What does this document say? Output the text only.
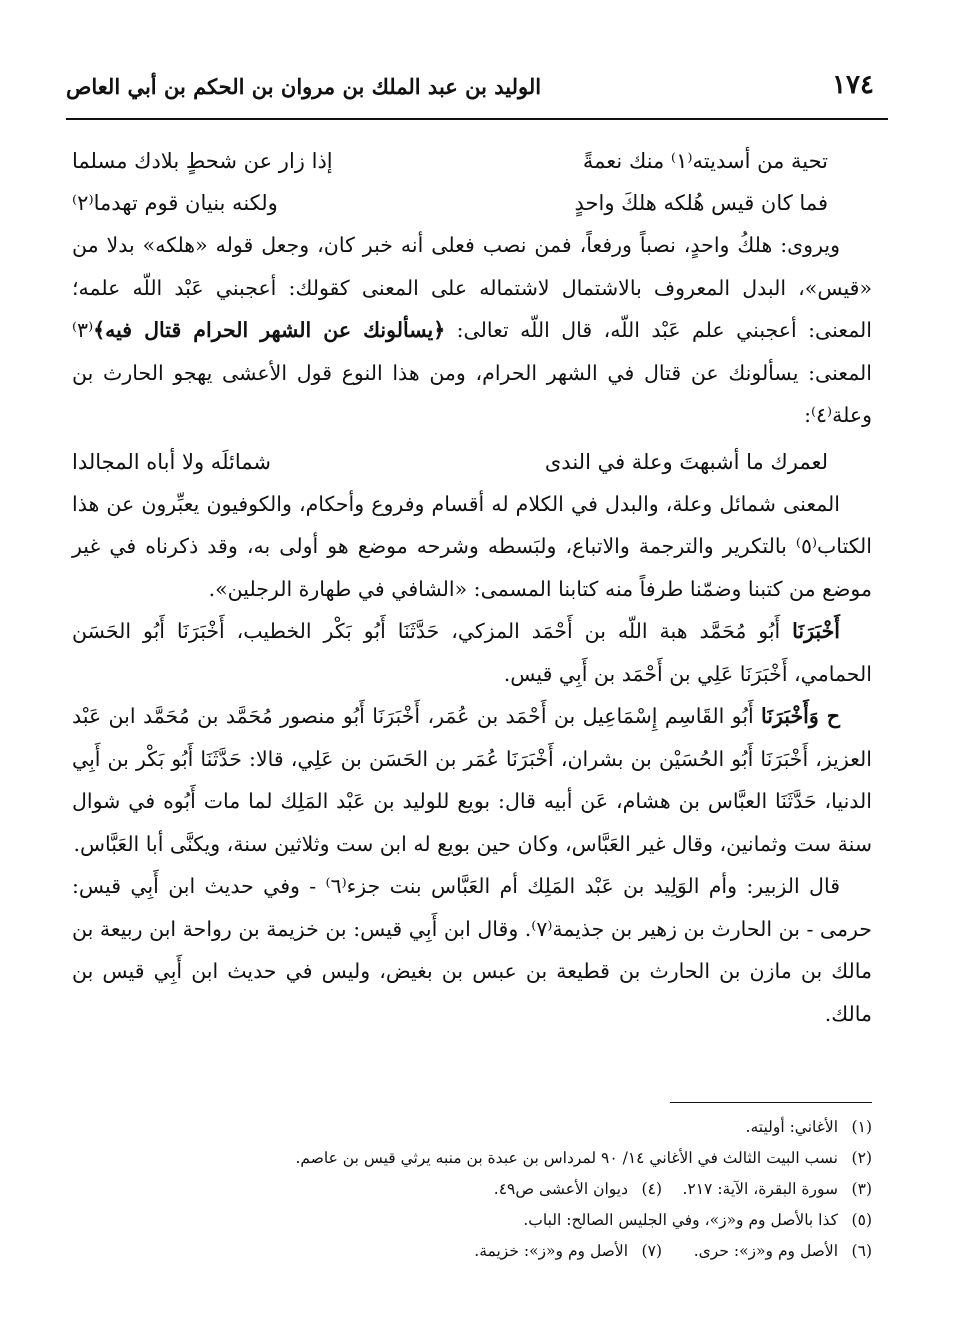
١٧٤
الوليد بن عبد الملك بن مروان بن الحكم بن أبي العاص
تحية من أسديته⁽١⁾ منك نعمةً
إذا زار عن شحطٍ بلادك مسلما
فما كان قيس هُلكه هلكَ واحدٍ
ولكنه بنيان قوم تهدما⁽٢⁾

ويروى: هلكُ واحدٍ، نصباً ورفعاً، فمن نصب فعلى أنه خبر كان، وجعل قوله «هلكه» بدلا من «قيس»، البدل المعروف بالاشتمال لاشتماله على المعنى كقولك: أعجبني عَبْد اللّه علمه؛ المعنى: أعجبني علم عَبْد اللّه، قال اللّه تعالى: ﴿يسألونك عن الشهر الحرام قتال فيه﴾⁽٣⁾ المعنى: يسألونك عن قتال في الشهر الحرام، ومن هذا النوع قول الأعشى يهجو الحارث بن وعلة⁽٤⁾:

لعمرك ما أشبهتَ وعلة في الندى
شمائلَه ولا أباه المجالدا

المعنى شمائل وعلة، والبدل في الكلام له أقسام وفروع وأحكام، والكوفيون يعبِّرون عن هذا الكتاب⁽٥⁾ بالتكرير والترجمة والاتباع، ولبَسطه وشرحه موضع هو أولى به، وقد ذكرناه في غير موضع من كتبنا وضمّنا طرفاً منه كتابنا المسمى: «الشافي في طهارة الرجلين».

أَخْبَرَنَا أَبُو مُحَمَّد هبة اللّه بن أَحْمَد المزكي، حَدَّثَنَا أَبُو بَكْر الخطيب، أَخْبَرَنَا أَبُو الحَسَن الحمامي، أَخْبَرَنَا عَلِي بن أَحْمَد بن أَبِي قيس.

ح وَأَخْبَرَنَا أَبُو القَاسِم إِسْمَاعِيل بن أَحْمَد بن عُمَر، أَخْبَرَنَا أَبُو منصور مُحَمَّد بن مُحَمَّد ابن عَبْد العزيز، أَخْبَرَنَا أَبُو الحُسَيْن بن بشران، أَخْبَرَنَا عُمَر بن الحَسَن بن عَلِي، قالا: حَدَّثَنَا أَبُو بَكْر بن أَبِي الدنيا، حَدَّثَنَا العبَّاس بن هشام، عَن أبيه قال: بويع للوليد بن عَبْد المَلِك لما مات أَبُوه في شوال سنة ست وثمانين، وقال غير العَبَّاس، وكان حين بويع له ابن ست وثلاثين سنة، ويكنَّى أبا العَبَّاس.

قال الزبير: وأم الوَلِيد بن عَبْد المَلِك أم العَبَّاس بنت جزء⁽٦⁾ - وفي حديث ابن أَبِي قيس: حرمى - بن الحارث بن زهير بن جذيمة⁽٧⁾. وقال ابن أَبِي قيس: بن خزيمة بن رواحة ابن ربيعة بن مالك بن مازن بن الحارث بن قطيعة بن عبس بن بغيض، وليس في حديث ابن أَبِي قيس بن مالك.

(١)الأغاني: أوليته.
(٢)نسب البيت الثالث في الأغاني ١٤/ ٩٠ لمرداس بن عبدة بن منبه يرثي قيس بن عاصم.
(٣)سورة البقرة، الآية: ٢١٧.
(٤)ديوان الأعشى ص٤٩.
(٥)كذا بالأصل وم و«ز»، وفي الجليس الصالح: الباب.
(٦)الأصل وم و«ز»: حرى.
(٧)الأصل وم و«ز»: خزيمة.
